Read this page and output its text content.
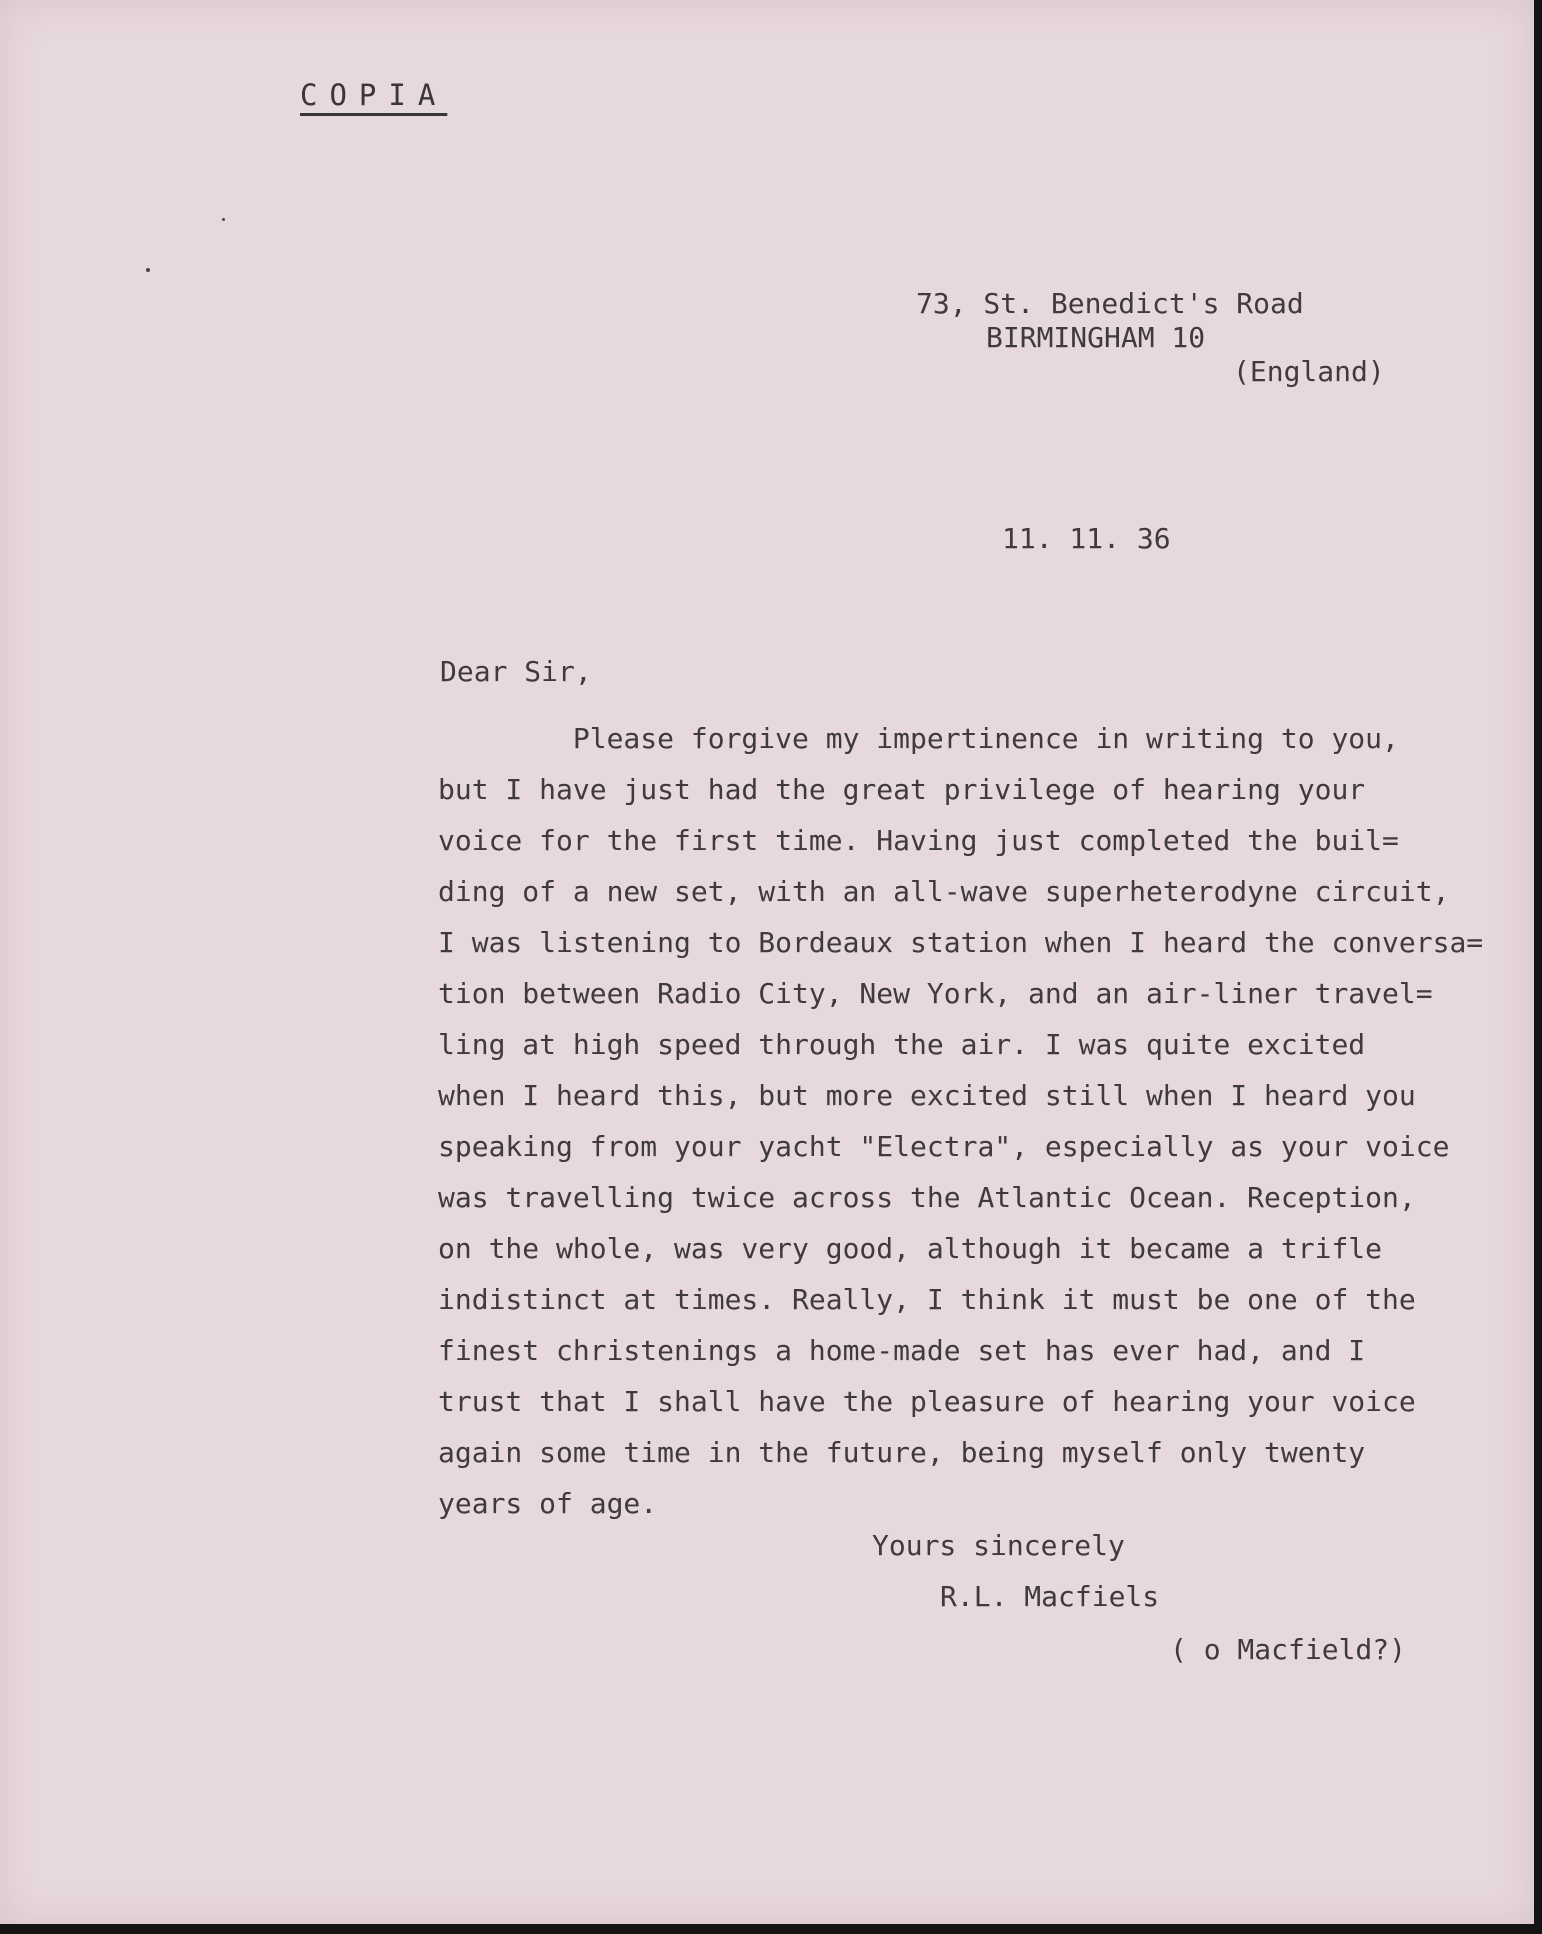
COPIA
73, St. Benedict's Road
BIRMINGHAM 10
(England)
11. 11. 36
Dear Sir,
Please forgive my impertinence in writing to you,
but I have just had the great privilege of hearing your
voice for the first time. Having just completed the buil=
ding of a new set, with an all-wave superheterodyne circuit,
I was listening to Bordeaux station when I heard the conversa=
tion between Radio City, New York, and an air-liner travel=
ling at high speed through the air. I was quite excited
when I heard this, but more excited still when I heard you
speaking from your yacht "Electra", especially as your voice
was travelling twice across the Atlantic Ocean. Reception,
on the whole, was very good, although it became a trifle
indistinct at times. Really, I think it must be one of the
finest christenings a home-made set has ever had, and I
trust that I shall have the pleasure of hearing your voice
again some time in the future, being myself only twenty
years of age.
Yours sincerely
R.L. Macfiels
( o Macfield?)
